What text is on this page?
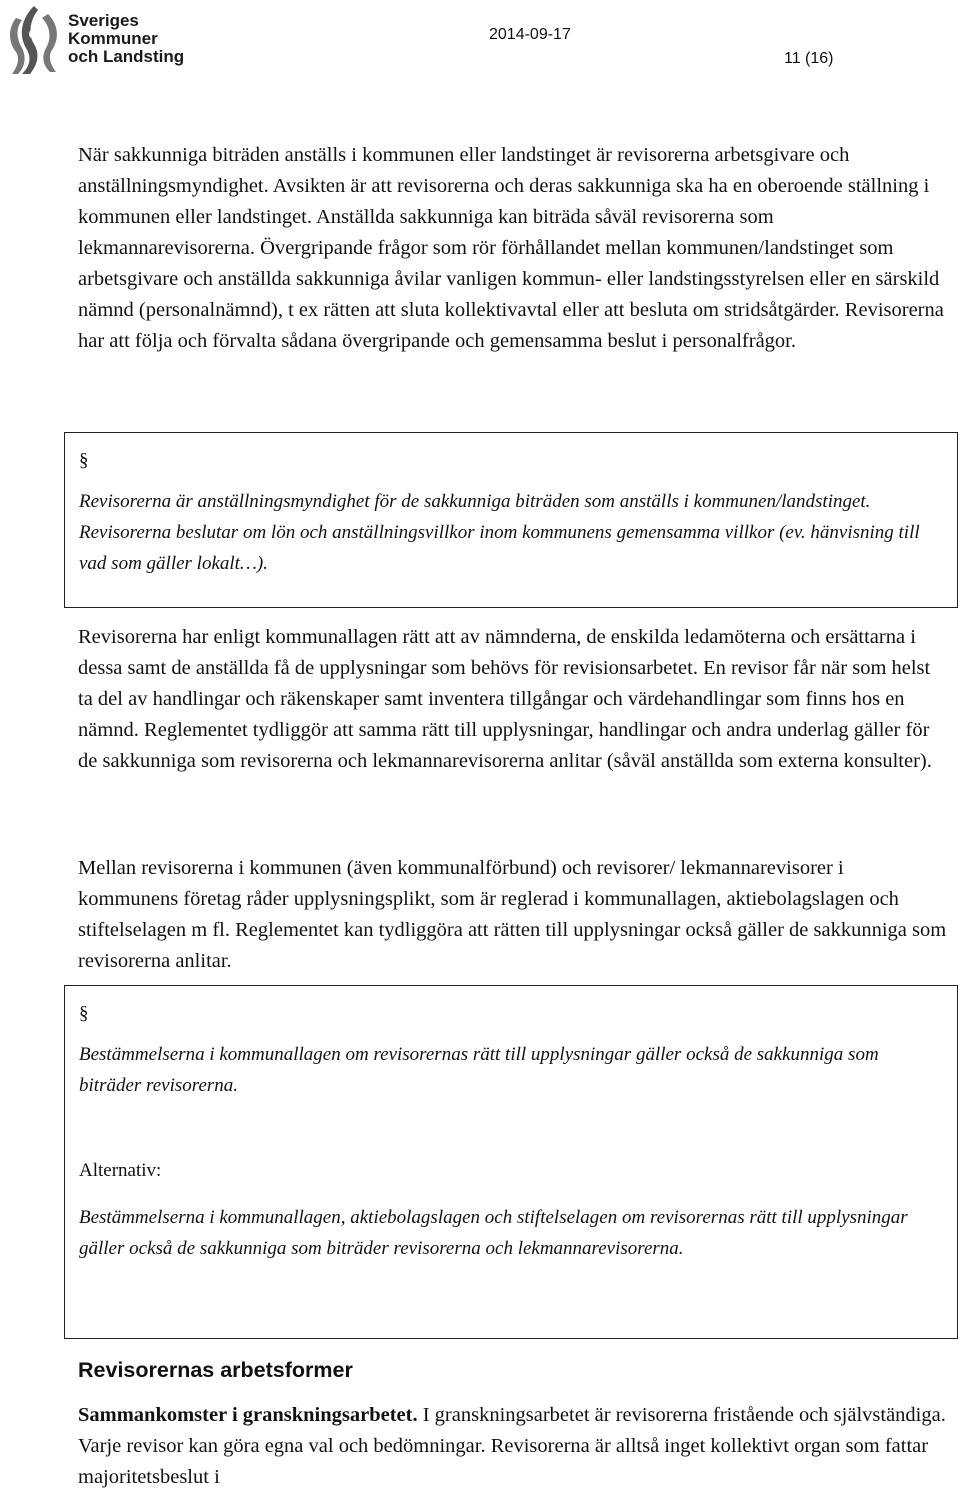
Sveriges
Kommuner
och Landsting
2014-09-17
11 (16)

När sakkunniga biträden anställs i kommunen eller landstinget är revisorerna arbetsgivare och anställningsmyndighet. Avsikten är att revisorerna och deras sakkunniga ska ha en oberoende ställning i kommunen eller landstinget. Anställda sakkunniga kan biträda såväl revisorerna som lekmannarevisorerna. Övergripande frågor som rör förhållandet mellan kommunen/landstinget som arbetsgivare och anställda sakkunniga åvilar vanligen kommun- eller landstingsstyrelsen eller en särskild nämnd (personalnämnd), t ex rätten att sluta kollektivavtal eller att besluta om stridsåtgärder. Revisorerna har att följa och förvalta sådana övergripande och gemensamma beslut i personalfrågor.

§

Revisorerna är anställningsmyndighet för de sakkunniga biträden som anställs i kommunen/landstinget. Revisorerna beslutar om lön och anställningsvillkor inom kommunens gemensamma villkor (ev. hänvisning till vad som gäller lokalt…).

Revisorerna har enligt kommunallagen rätt att av nämnderna, de enskilda ledamöterna och ersättarna i dessa samt de anställda få de upplysningar som behövs för revisionsarbetet. En revisor får när som helst ta del av handlingar och räkenskaper samt inventera tillgångar och värdehandlingar som finns hos en nämnd. Reglementet tydliggör att samma rätt till upplysningar, handlingar och andra underlag gäller för de sakkunniga som revisorerna och lekmannarevisorerna anlitar (såväl anställda som externa konsulter).

Mellan revisorerna i kommunen (även kommunalförbund) och revisorer/ lekmannarevisorer i kommunens företag råder upplysningsplikt, som är reglerad i kommunallagen, aktiebolagslagen och stiftelselagen m fl. Reglementet kan tydliggöra att rätten till upplysningar också gäller de sakkunniga som revisorerna anlitar.

§

Bestämmelserna i kommunallagen om revisorernas rätt till upplysningar gäller också de sakkunniga som biträder revisorerna.

Alternativ:

Bestämmelserna i kommunallagen, aktiebolagslagen och stiftelselagen om revisorernas rätt till upplysningar gäller också de sakkunniga som biträder revisorerna och lekmannarevisorerna.

Revisorernas arbetsformer

Sammankomster i granskningsarbetet. I granskningsarbetet är revisorerna fristående och självständiga. Varje revisor kan göra egna val och bedömningar. Revisorerna är alltså inget kollektivt organ som fattar majoritetsbeslut i
